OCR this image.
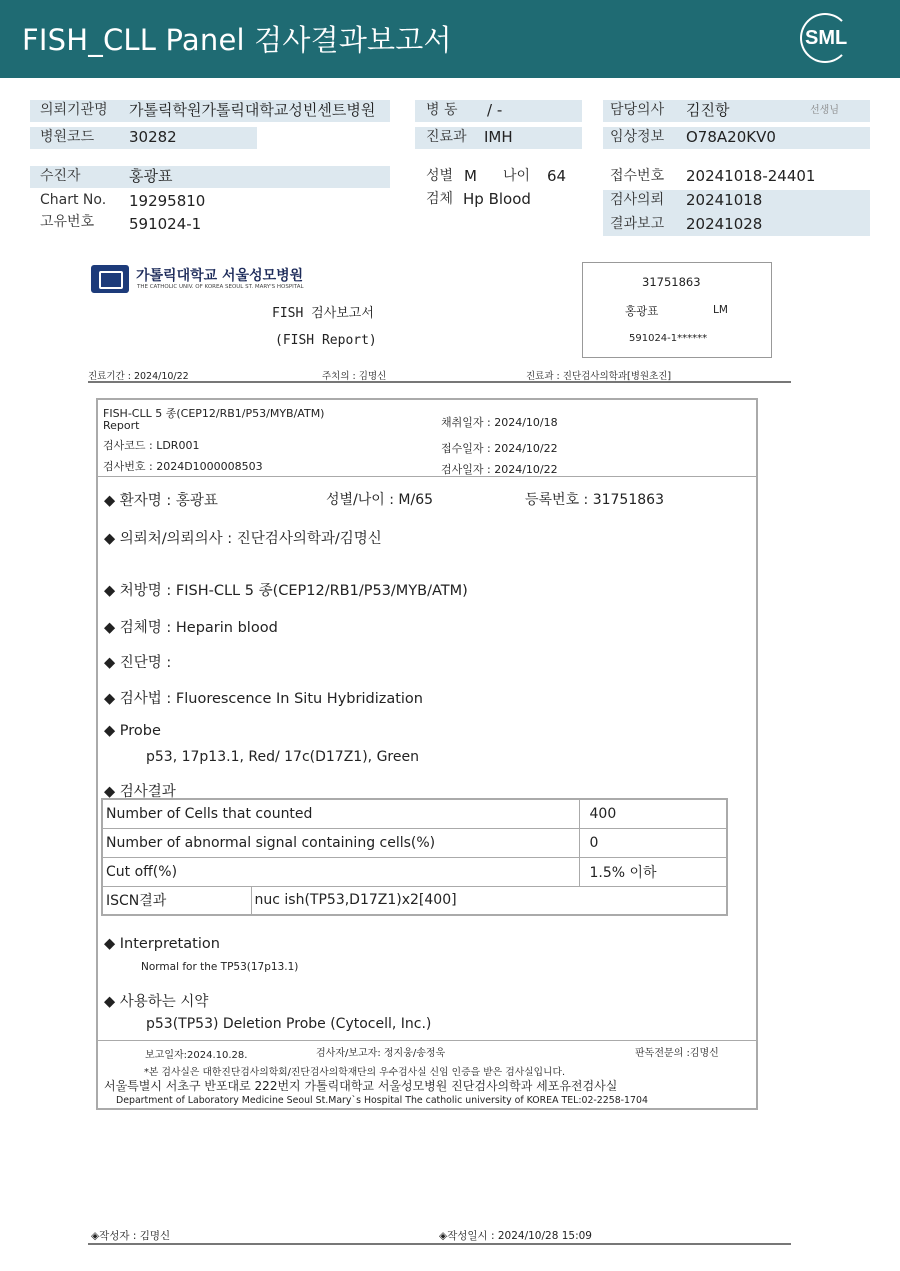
FISH_CLL Panel 검사결과보고서	SML
의뢰기관명 가톨릭학원가톨릭대학교성빈센트병원
병원코드 30282
병 동 / -
진료과 IMH
담당의사 김진항	선생님
임상정보 O78A20KV0
수진자	홍광표
Chart No. 19295810
고유번호 591024-1
성별 M 나이 64
검체 Hp Blood
접수번호 20241018-24401
검사의뢰 20241018
결과보고 20241028
가톨릭대학교 서울성모병원
THE CATHOLIC UNIV. OF KOREA SEOUL ST. MARY'S HOSPITAL
FISH 검사보고서
(FISH Report)
31751863
홍광표	LM
591024-1******
진료기간 : 2024/10/22	주치의 : 김명신	진료과 : 진단검사의학과[병원초진]
FISH-CLL 5 종(CEP12/RB1/P53/MYB/ATM)
Report
검사코드 : LDR001
검사번호 : 2024D1000008503
채취일자 : 2024/10/18
접수일자 : 2024/10/22
검사일자 : 2024/10/22
◆ 환자명 : 홍광표	성별/나이 : M/65	등록번호 : 31751863
◆ 의뢰처/의뢰의사 : 진단검사의학과/김명신
◆ 처방명 : FISH-CLL 5 종(CEP12/RB1/P53/MYB/ATM)
◆ 검체명 : Heparin blood
◆ 진단명 :
◆ 검사법 : Fluorescence In Situ Hybridization
◆ Probe
p53, 17p13.1, Red/ 17c(D17Z1), Green
◆ 검사결과
Number of Cells that counted		400
Number of abnormal signal containing cells(%)		0
Cut off(%)		1.5% 이하
ISCN결과	nuc ish(TP53,D17Z1)x2[400]	
◆ Interpretation
Normal for the TP53(17p13.1)
◆ 사용하는 시약
p53(TP53) Deletion Probe (Cytocell, Inc.)
보고일자:2024.10.28.	검사자/보고자: 정지웅/송정욱	판독전문의 :김명신
*본 검사실은 대한진단검사의학회/진단검사의학재단의 우수검사실 신임 인증을 받은 검사실입니다.
서울특별시 서초구 반포대로 222번지 가톨릭대학교 서울성모병원 진단검사의학과 세포유전검사실
Department of Laboratory Medicine Seoul St.Mary`s Hospital The catholic university of KOREA TEL:02-2258-1704
◈작성자 : 김명신	◈작성일시 : 2024/10/28 15:09
